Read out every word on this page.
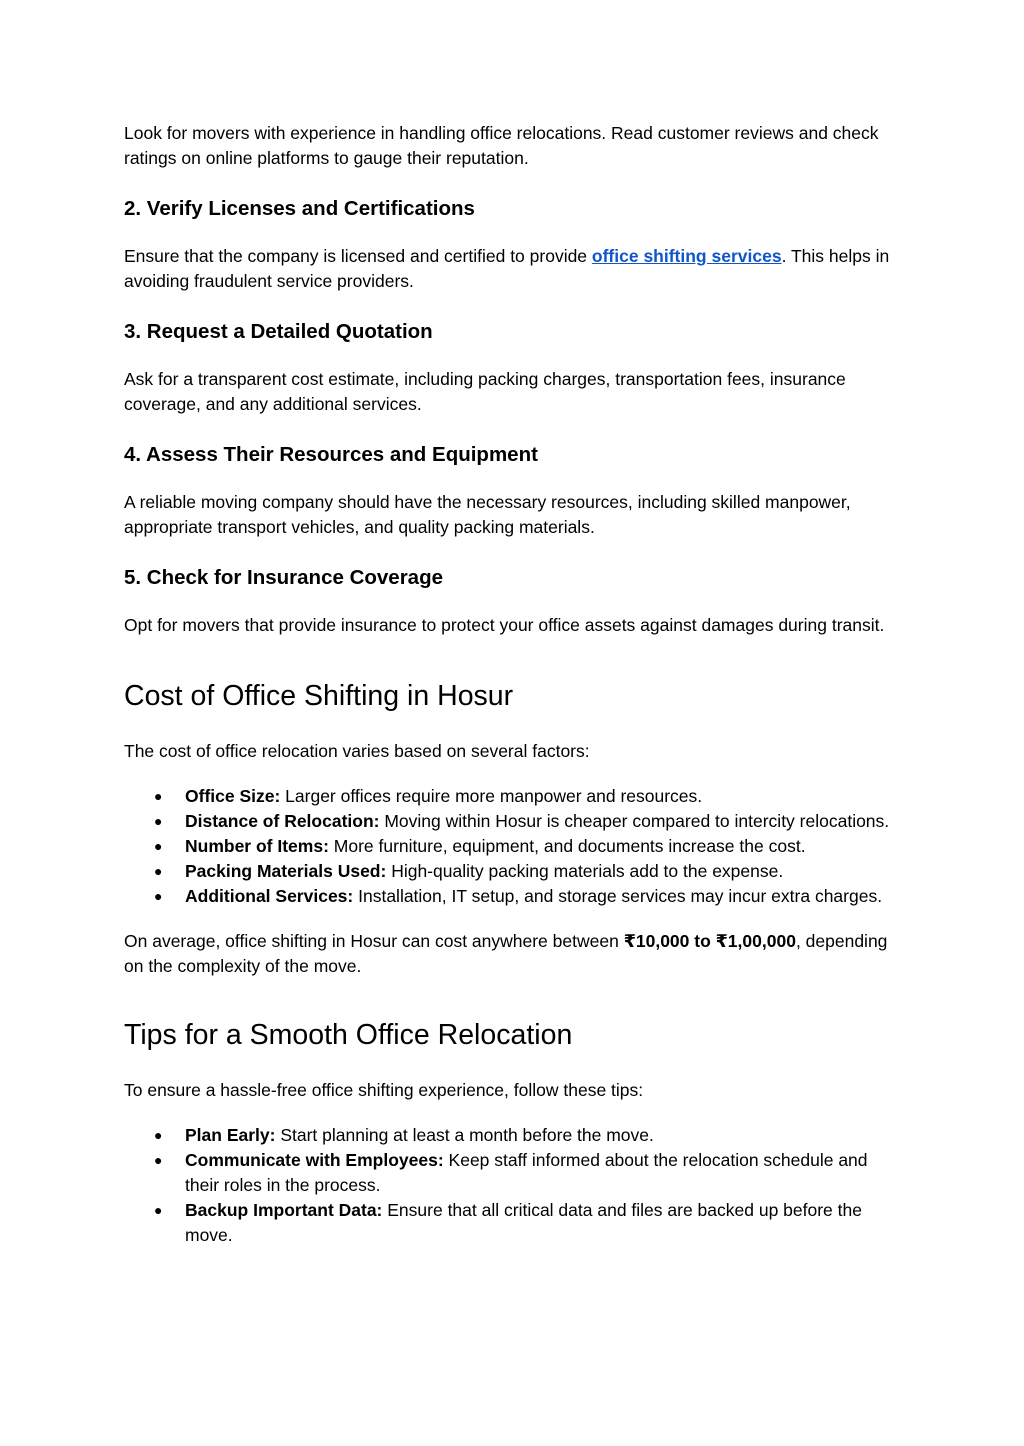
Look for movers with experience in handling office relocations. Read customer reviews and check ratings on online platforms to gauge their reputation.

2. Verify Licenses and Certifications

Ensure that the company is licensed and certified to provide office shifting services. This helps in avoiding fraudulent service providers.

3. Request a Detailed Quotation

Ask for a transparent cost estimate, including packing charges, transportation fees, insurance coverage, and any additional services.

4. Assess Their Resources and Equipment

A reliable moving company should have the necessary resources, including skilled manpower, appropriate transport vehicles, and quality packing materials.

5. Check for Insurance Coverage

Opt for movers that provide insurance to protect your office assets against damages during transit.

Cost of Office Shifting in Hosur

The cost of office relocation varies based on several factors:

● Office Size: Larger offices require more manpower and resources.
● Distance of Relocation: Moving within Hosur is cheaper compared to intercity relocations.
● Number of Items: More furniture, equipment, and documents increase the cost.
● Packing Materials Used: High-quality packing materials add to the expense.
● Additional Services: Installation, IT setup, and storage services may incur extra charges.

On average, office shifting in Hosur can cost anywhere between ₹10,000 to ₹1,00,000, depending on the complexity of the move.

Tips for a Smooth Office Relocation

To ensure a hassle-free office shifting experience, follow these tips:

● Plan Early: Start planning at least a month before the move.
● Communicate with Employees: Keep staff informed about the relocation schedule and their roles in the process.
● Backup Important Data: Ensure that all critical data and files are backed up before the move.
